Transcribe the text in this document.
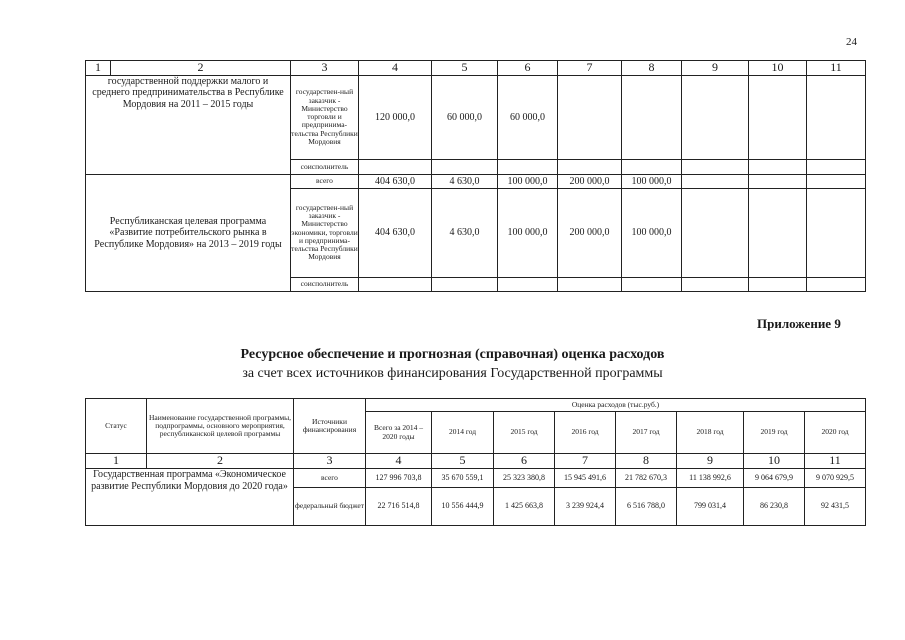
24
1	2	3	4	5	6	7	8	9	10	11
государственной поддержки малого и среднего предпринимательства в Республике Мордовия на 2011 – 2015 годы		государствен-ный заказчик - Министерство торговли и предпринима-тельства Республики Мордовия	120 000,0	60 000,0	60 000,0					
		соисполнитель								
Республиканская целевая программа «Развитие потребительского рынка в Республике Мордовия» на 2013 – 2019 годы		всего	404 630,0	4 630,0	100 000,0	200 000,0	100 000,0			
		государствен-ный заказчик - Министерство экономики, торговли и предпринима-тельства Республики Мордовия	404 630,0	4 630,0	100 000,0	200 000,0	100 000,0			
		соисполнитель								
Приложение 9
Ресурсное обеспечение и прогнозная (справочная) оценка расходов
за счет всех источников финансирования Государственной программы
Статус	Наименование государственной программы, подпрограммы, основного мероприятия, республиканской целевой программы	Источники финансирования	Оценка расходов (тыс.руб.)							
			Всего за 2014 – 2020 годы	2014 год	2015 год	2016 год	2017 год	2018 год	2019 год	2020 год
1	2	3	4	5	6	7	8	9	10	11
Государственная программа «Экономическое развитие Республики Мордовия до 2020 года»		всего	127 996 703,8	35 670 559,1	25 323 380,8	15 945 491,6	21 782 670,3	11 138 992,6	9 064 679,9	9 070 929,5
		федеральный бюджет	22 716 514,8	10 556 444,9	1 425 663,8	3 239 924,4	6 516 788,0	799 031,4	86 230,8	92 431,5
